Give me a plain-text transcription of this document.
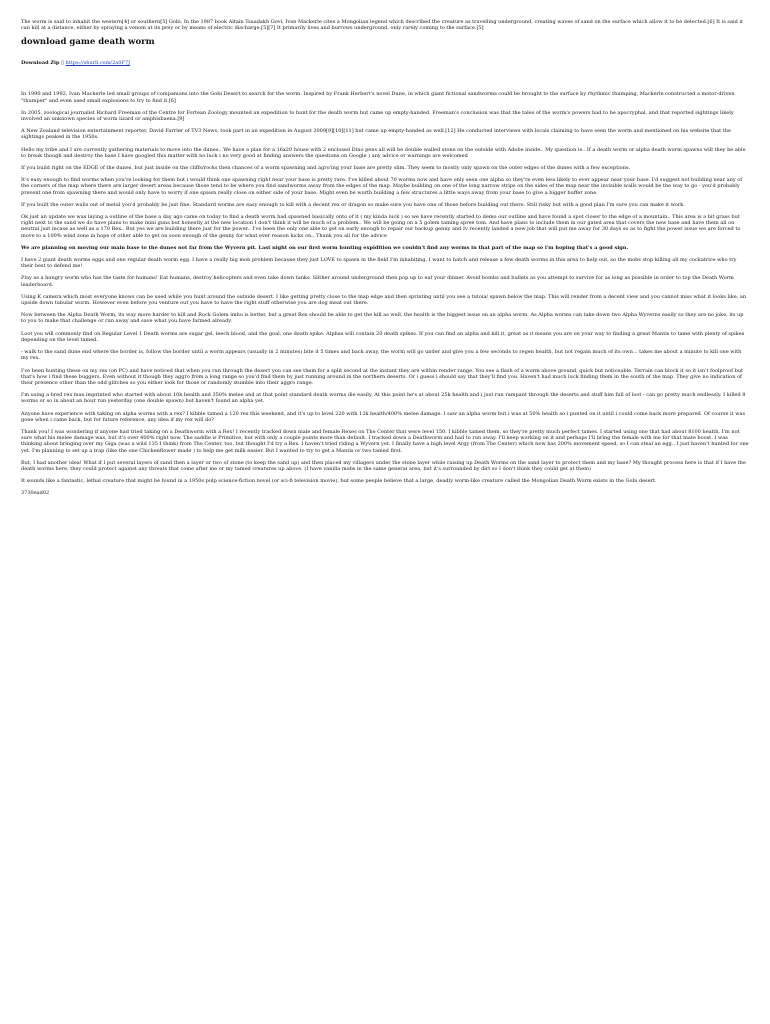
The worm is said to inhabit the western[4] or southern[5] Gobi. In the 1987 book Altain Tsaadakh Govi, Ivan Mackerle cites a Mongolian legend which described the creature as travelling underground, creating waves of sand on the surface which allow it to be detected.[6] It is said it can kill at a distance, either by spraying a venom at its prey or by means of electric discharge.[5][7] It primarily lives and burrows underground, only rarely coming to the surface.[5]

download game death worm
Download Zip ▯ https://shurll.com/2a0F7J

In 1990 and 1992, Ivan Mackerle led small groups of companions into the Gobi Desert to search for the worm. Inspired by Frank Herbert's novel Dune, in which giant fictional sandworms could be brought to the surface by rhythmic thumping, Mackerle constructed a motor-driven "thumper" and even used small explosions to try to find it.[6]

In 2005, zoological journalist Richard Freeman of the Centre for Fortean Zoology mounted an expedition to hunt for the death worm but came up empty-handed. Freeman's conclusion was that the tales of the worm's powers had to be apocryphal, and that reported sightings likely involved an unknown species of worm lizard or amphisbaena.[9]

A New Zealand television entertainment reporter, David Farrier of TV3 News, took part in an expedition in August 2009[9][10][11] but came up empty-handed as well.[12] He conducted interviews with locals claiming to have seen the worm and mentioned on his website that the sightings peaked in the 1950s.

Hello my tribe and I are currently gathering materials to move into the dunes.. We have a plan for a 16x20 house with 2 enclosed Dino pens all will be double walled stone on the outside with Adobe inside.. My question is.. If a death worm or alpha death worm spawns will they be able to break though and destroy the base I have googled this matter with no luck i no very good at finding answers the questions on Google ) any advice or warnings are welcomed

If you build right on the EDGE of the dunes, but just inside on the cliffs/rocks then chances of a worm spawning and agro'ing your base are pretty slim. They seem to mostly only spawn on the outer edges of the dunes with a few exceptions.

It's easy enough to find worms when you're looking for them but i would think one spawning right near your base is pretty rare. I've killed about 70 worms now and have only seen one alpha so they're even less likely to ever appear near your base. I'd suggest not building near any of the corners of the map where there are larger desert areas because those tend to be where you find sandworms away from the edges of the map. Maybe building on one of the long narrow strips on the sides of the map near the invisible walls would be the way to go - you'd probably prevent one from spawning there and would only have to worry if one spawn really close on either side of your base. Might even be worth building a few structures a little ways away from your base to give a bigger buffer zone.

If you built the outer walls out of metal you'd probably be just fine. Standard worms are easy enough to kill with a decent rex or dragon so make sure you have one of those before building out there. Still risky but with a good plan I'm sure you can make it work.

Ok just an update we was laying a outline of the base a day ago came on today to find a death worm had spawned basically onto of it ( my kinda luck ) so we have recently started to demo our outline and have found a spot closer to the edge of a mountain.. This area is a bit grass but right next to the sand we do have plans to make mini guns but honestly at the new location I don't think it will be much of a problem.. We will be going on a 5 golem taming spree tom. And have plans to include them in our gated area that covers the new base and have them all on neutral just incase as well as a 170 Rex.. But yes we are building there just for the power.. I've been the only one able to get on early enough to repair our backup genny and Iv recently landed a new job that will put me away for 30 days so as to fight the power issue we are forced to move to a 100% wind zone in hope of other able to get on soon enough of the genny for what ever reason kicks on.. Thank you all for the advice

We are planning on moving our main base to the dunes not far from the Wyvern pit. Last night on our first worm hunting expidition we couldn't find any worms in that part of the map so i'm hoping that's a good sign.

I have 2 giant death worms eggs and one regular death worm egg. I have a really big mob problem because they just LOVE to spawn in the field I'm inhabiting. I want to hatch and release a few death worms in this area to help out, so the mobs stop killing all my cockatrice who try their best to defend me!

Play as a hungry worm who has the taste for humans! Eat humans, destroy helicopters and even take down tanks. Slither around underground then pop up to eat your dinner. Avoid bombs and bullets as you attempt to survive for as long as possible in order to top the Death Worm leaderboard.

Using K camera which most everyone knows can be used while you hunt around the outside desert. I like getting pretty close to the map edge and then sprinting until you see a tutoia/ spawn below the map. This will render from a decent view and you cannot miss what it looks like, an upside down tubular worm. However even before you venture out you have to have the right stuff otherwise you are dog meat out there.

Now between the Alpha Death Worm, its way more harder to kill and Rock Golem imho is better, but a great Rex should be able to get the kill as well, the health is the biggest issue on an alpha worm. As Alpha worms can take down two Alpha Wyverns easily so they are no joke, its up to you to make that challenge or run away and save what you have farmed already.

Loot you will commonly find on Regular Level 1 Death worms are sugar gel, leech blood, and the goal, one death spike. Alphas will contain 20 death spikes. If you can find an alpha and kill it, great as it means you are on your way to finding a great Mantis to tame with plenty of spikes depending on the level tamed.

- walk to the sand dune end where the border is, follow the border until a worm appears (usually in 2 minutes) bite it 5 times and back away, the worm will go under and give you a few seconds to regen health, but not regain much of its own... takes me about a minute to kill one with my rex.

I've been hunting these on my rex (on PC) and have noticed that when you run through the desert you can see them for a split second at the instant they are within render range. You see a flash of a worm above ground, quick but noticeable. Terrain can block it so it isn't foolproof but that's how i find these buggers. Even without it though they aggro from a long range so you'd find them by just running around in the northern deserts. Or i guess i should say that they'll find you. Haven't had much luck finding them in the south of the map. They give no indication of their presence other than the odd glitches so you either look for those or randomly stumble into their aggro range.

I'm using a bred rex max imprinted who started with about 10k health and 350% melee and at that point standard death worms die easily. At this point he's at about 25k health and i just run rampant through the deserts and stuff him full of loot - can go pretty much endlessly. I killed 8 worms or so in about an hour run yesterday (one double spawn) but haven't found an alpha yet.

Anyone have experience with taking on alpha worms with a rex? I kibble tamed a 120 rex this weekend, and it's up to level 220 with 12k health/400% melee damage. I saw an alpha worm but i was at 50% health so i punted on it until i could come back more prepared. Of course it was gone when i came back, but for future reference, any idea if my rex will do?

Thank you! I was wondering if anyone had tried taking on a Deathworm with a Rex! I recently tracked down male and female Rexes on The Center that were level 150. I kibble tamed them, so they're pretty much perfect tames. I started using one that had about 8100 health. I'm not sure what his melee damage was, but it's over 400% right now. The saddle is Primitive, but with only a couple points more than default. I tracked down a Deathworm and had to run away. I'll keep working on it and perhaps I'll bring the female with me for that mate boost. I was thinking about bringing over my Giga (was a wild 135 I think) from The Center, too, but thought I'd try a Rex. I haven't tried riding a Wyvern yet. I finally have a high level Argy (from The Center) which now has 200% movement speed, so I can steal an egg.. I just haven't hunted for one yet. I'm planning to set up a trap (like the one Chickenflower made ) to help me get milk easier. But I wanted to try to get a Mantis or two tamed first.

But, I had another idea! What if I put several layers of sand then a layer or two of stone (to keep the sand up) and then placed my villagers under the stone layer while raising up Death Worms on the sand layer to protect them and my base? My thought process here is that if I have the death worms here, they could protect against any threats that come after me or my tamed creatures up above. (I have vanilla mobs in the same general area, but it's surrounded by dirt so I don't think they could get at them)

It sounds like a fantastic, lethal creature that might be found in a 1950s pulp science-fiction novel (or sci-fi television movie), but some people believe that a large, deadly worm-like creature called the Mongolian Death Worm exists in the Gobi desert.

3730ead02
